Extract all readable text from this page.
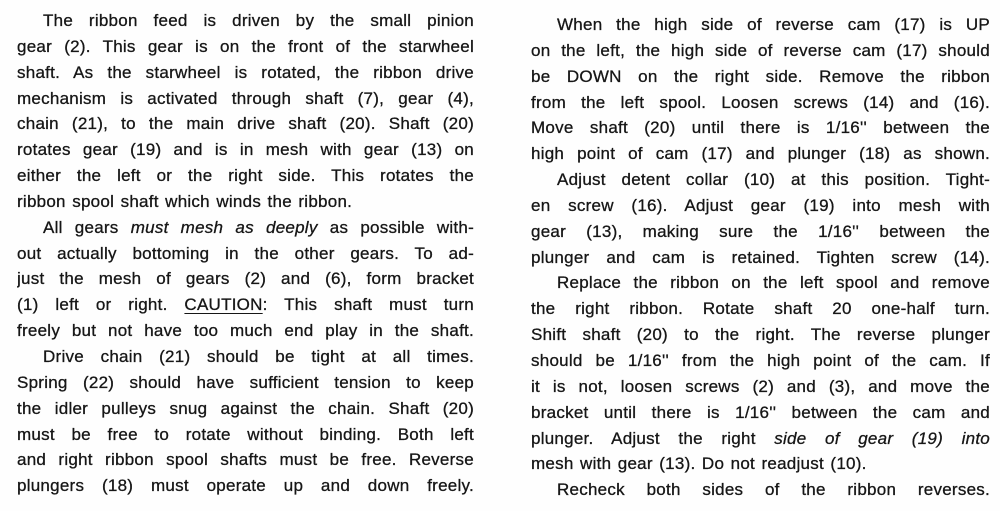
The ribbon feed is driven by the small pinion
gear (2). This gear is on the front of the starwheel
shaft. As the starwheel is rotated, the ribbon drive
mechanism is activated through shaft (7), gear (4),
chain (21), to the main drive shaft (20). Shaft (20)
rotates gear (19) and is in mesh with gear (13) on
either the left or the right side. This rotates the
ribbon spool shaft which winds the ribbon.
All gears must mesh as deeply as possible with-
out actually bottoming in the other gears. To ad-
just the mesh of gears (2) and (6), form bracket
(1) left or right. CAUTION: This shaft must turn
freely but not have too much end play in the shaft.
Drive chain (21) should be tight at all times.
Spring (22) should have sufficient tension to keep
the idler pulleys snug against the chain. Shaft (20)
must be free to rotate without binding. Both left
and right ribbon spool shafts must be free. Reverse
plungers (18) must operate up and down freely.
When the high side of reverse cam (17) is UP
on the left, the high side of reverse cam (17) should
be DOWN on the right side. Remove the ribbon
from the left spool. Loosen screws (14) and (16).
Move shaft (20) until there is 1/16'' between the
high point of cam (17) and plunger (18) as shown.
Adjust detent collar (10) at this position. Tight-
en screw (16). Adjust gear (19) into mesh with
gear (13), making sure the 1/16'' between the
plunger and cam is retained. Tighten screw (14).
Replace the ribbon on the left spool and remove
the right ribbon. Rotate shaft 20 one-half turn.
Shift shaft (20) to the right. The reverse plunger
should be 1/16'' from the high point of the cam. If
it is not, loosen screws (2) and (3), and move the
bracket until there is 1/16'' between the cam and
plunger. Adjust the right side of gear (19) into
mesh with gear (13). Do not readjust (10).
Recheck both sides of the ribbon reverses.
